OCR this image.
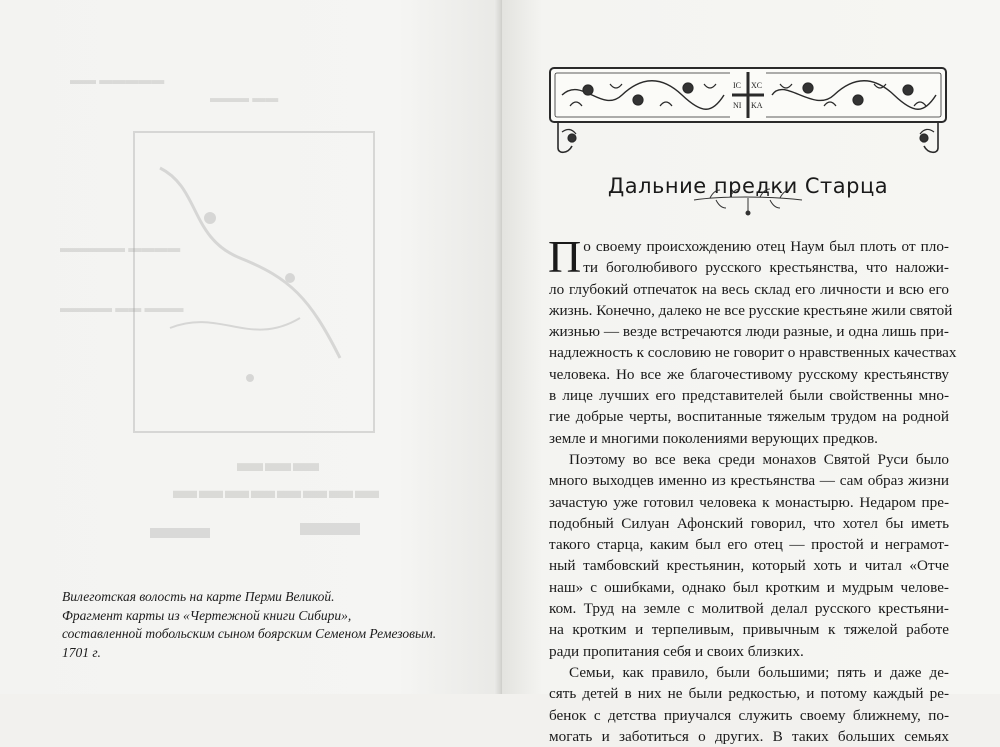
▬▬ ▬▬▬▬▬
▬▬▬ ▬▬
▬▬▬▬▬ ▬▬▬▬
▬▬▬▬ ▬▬ ▬▬▬
▬▬▬
▬▬▬▬▬▬▬▬
Вилеготская волость на карте Перми Великой.
Фрагмент карты из «Чертежной книги Сибири»,
составленной тобольским сыном боярским Семеном Ремезовым.
1701 г.
IC XC
NI KA
Дальние предки Старца
П о своему происхождению отец Наум был плоть от пло-
ти боголюбивого русского крестьянства, что наложи-
ло глубокий отпечаток на весь склад его личности и всю его
жизнь. Конечно, далеко не все русские крестьяне жили святой
жизнью — везде встречаются люди разные, и одна лишь при-
надлежность к сословию не говорит о нравственных качествах
человека. Но все же благочестивому русскому крестьянству
в лице лучших его представителей были свойственны мно-
гие добрые черты, воспитанные тяжелым трудом на родной
земле и многими поколениями верующих предков.
Поэтому во все века среди монахов Святой Руси было
много выходцев именно из крестьянства — сам образ жизни
зачастую уже готовил человека к монастырю. Недаром пре-
подобный Силуан Афонский говорил, что хотел бы иметь
такого старца, каким был его отец — простой и неграмот-
ный тамбовский крестьянин, который хоть и читал «Отче
наш» с ошибками, однако был кротким и мудрым челове-
ком. Труд на земле с молитвой делал русского крестьяни-
на кротким и терпеливым, привычным к тяжелой работе
ради пропитания себя и своих близких.
Семьи, как правило, были большими; пять и даже де-
сять детей в них не были редкостью, и потому каждый ре-
бенок с детства приучался служить своему ближнему, по-
могать и заботиться о других. В таких больших семьях
